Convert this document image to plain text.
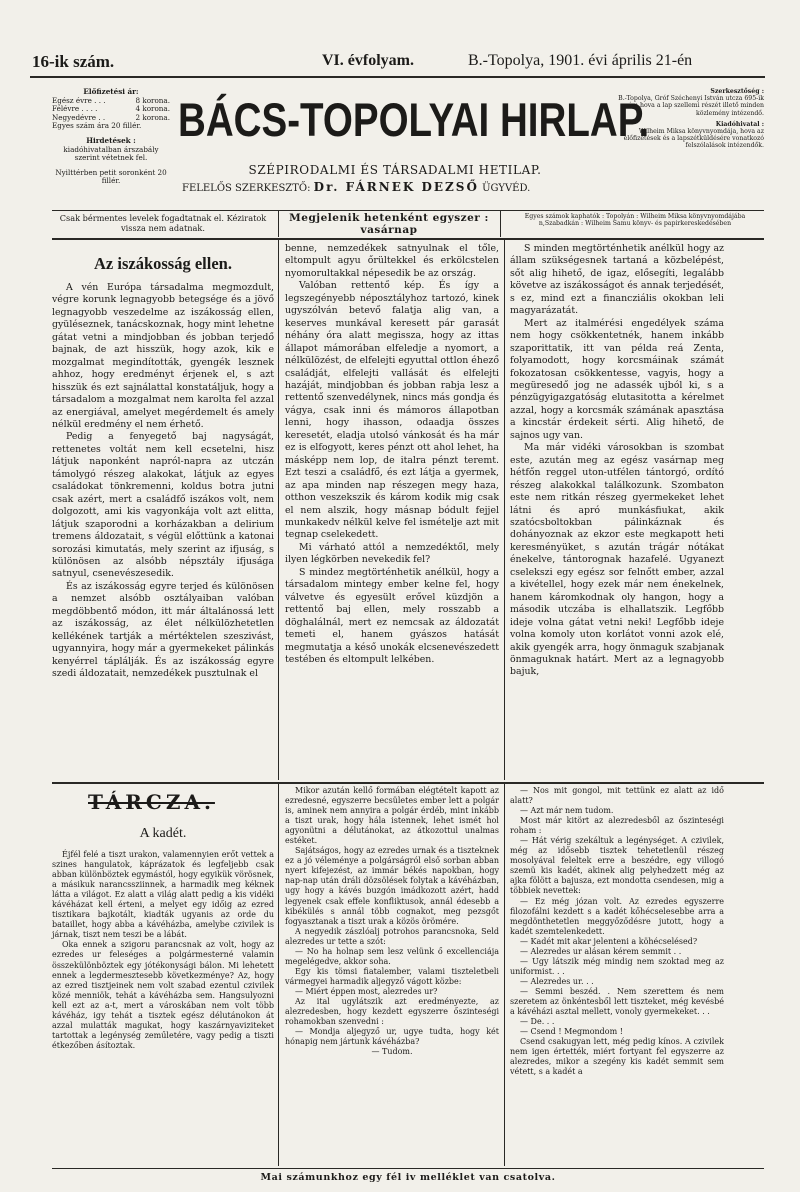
16-ik szám.	VI. évfolyam.	B.-Topolya, 1901. évi április 21-én
Előfizetési ár:
Egész évre . . .	8 korona.
Félévre . . . .	4 korona.
Negyedévre . .	2 korona.
Egyes szám ára 20 fillér.
Hirdetések :
kiadóhivatalban árszabály szerint vétetnek fel.
Nyilttérben petit soronként 20 fillér.
BÁCS-TOPOLYAI HIRLAP.
SZÉPIRODALMI ÉS TÁRSADALMI HETILAP.
FELELŐS SZERKESZTŐ: Dr. FÁRNEK DEZSŐ ÜGYVÉD.
Szerkesztőség :
B.-Topolya, Gróf Széchenyi István utcza 695-ik szám hova a lap szellemi részét illető minden közlemény intézendő.
Kiadóhivatal :
Wilheim Miksa könyvnyomdája, hova az előfizetések és a lapszétküldésére vonatkozó felszólalások intézendők.
Csak bérmentes levelek fogadtatnak el. Kéziratok vissza nem adatnak.
Megjelenik hetenként egyszer :
vasárnap
Egyes számok kaphatók : Topolyán : Wilheim Miksa könyvnyomdájába n,Szabadkán : Wilheim Samu könyv- és papirkereskedésében
Az iszákosság ellen.

A vén Európa társadalma megmozdult, végre korunk legnagyobb betegsége és a jövő legnagyobb veszedelme az iszákosság ellen, gyüléseznek, tanácskoznak, hogy mint lehetne gátat vetni a mindjobban és jobban terjedő bajnak, de azt hisszük, hogy azok, kik e mozgalmat megindították, gyengék lesznek ahhoz, hogy eredményt érjenek el, s azt hisszük és ezt sajnálattal konstatáljuk, hogy a társadalom a mozgalmat nem karolta fel azzal az energiával, amelyet megérdemelt és amely nélkül eredmény el nem érhető.

Pedig a fenyegető baj nagyságát, rettenetes voltát nem kell ecsetelni, hisz látjuk naponként napról-napra az utczán támolygó részeg alakokat, látjuk az egyes családokat tönkremenni, koldus botra jutni csak azért, mert a családfő iszákos volt, nem dolgozott, ami kis vagyonkája volt azt elitta, látjuk szaporodni a korházakban a delirium tremens áldozatait, s végül előttünk a katonai sorozási kimutatás, mely szerint az ifjuság, s különösen az alsóbb népsztály ifjusága satnyul, csenevészesedik.

És az iszákosság egyre terjed és különösen a nemzet alsóbb osztályaiban valóban megdöbbentő módon, itt már általánossá lett az iszákosság, az élet nélkülözhetetlen kellékének tartják a mértéktelen szeszivást, ugyannyira, hogy már a gyermekeket pálinkás kenyérrel táplálják. És az iszákosság egyre szedi áldozatait, nemzedékek pusztulnak el

benne, nemzedékek satnyulnak el tőle, eltompult agyu őrültekkel és erkölcstelen nyomorultakkal népesedik be az ország.

Valóban rettentő kép. És így a legszegényebb néposztályhoz tartozó, kinek ugyszólván betevő falatja alig van, a keserves munkával keresett pár garasát néhány óra alatt megissza, hogy az ittas állapot mámorában elfeledje a nyomort, a nélkülözést, de elfelejti egyuttal ottlon éhező családját, elfelejti vallását és elfelejti hazáját, mindjobban és jobban rabja lesz a rettentő szenvedélynek, nincs más gondja és vágya, csak inni és mámoros állapotban lenni, hogy ihasson, odaadja összes keresetét, eladja utolsó vánkosát és ha már ez is elfogyott, keres pénzt ott ahol lehet, ha másképp nem lop, de italra pénzt teremt. Ezt teszi a családfő, és ezt látja a gyermek, az apa minden nap részegen megy haza, otthon veszekszik és károm kodik mig csak el nem alszik, hogy másnap bódult fejjel munkakedv nélkül kelve fel ismételje azt mit tegnap cselekedett.

Mi várható attól a nemzedéktől, mely ilyen légkörben nevekedik fel?

S mindez megtörténhetik anélkül, hogy a társadalom mintegy ember kelne fel, hogy válvetve és egyesült erővel küzdjön a rettentő baj ellen, mely rosszabb a döghalálnál, mert ez nemcsak az áldozatát temeti el, hanem gyászos hatását megmutatja a késő unokák elcsenevészedett testében és eltompult lelkében.

S minden megtörténhetik anélkül hogy az állam szükségesnek tartaná a közbelépést, sőt alig hihető, de igaz, elősegíti, legalább követve az iszákosságot és annak terjedését, s ez, mind ezt a financziális okokban leli magyarázatát.

Mert az italmérési engedélyek száma nem hogy csökkentetnék, hanem inkább szaporittatik, itt van példa reá Zenta, folyamodott, hogy korcsmáinak számát fokozatosan csökkentesse, vagyis, hogy a megüresedő jog ne adassék ujból ki, s a pénzügyigazgatóság elutasitotta a kérelmet azzal, hogy a korcsmák számának apasztása a kincstár érdekeit sérti. Alig hihető, de sajnos ugy van.

Ma már vidéki városokban is szombat este, azután meg az egész vasárnap meg hétfőn reggel uton-utfélen tántorgó, ordító részeg alakokkal találkozunk. Szombaton este nem ritkán részeg gyermekeket lehet látni és apró munkásfiukat, akik szatócsboltokban pálinkáznak és dohányoznak az ekzor este megkapott heti keresményüket, s azután trágár nótákat énekelve, tántorognak hazafelé. Ugyanezt cselekszi egy egész sor felnőtt ember, azzal a kivétellel, hogy ezek már nem énekelnek, hanem káromkodnak oly hangon, hogy a második utczába is elhallatszik. Legfőbb ideje volna gátat vetni neki! Legfőbb ideje volna komoly uton korlátot vonni azok elé, akik gyengék arra, hogy önmaguk szabjanak önmaguknak határt. Mert az a legnagyobb bajuk,

TÁRCZA.
A kadét.

Éjfél felé a tiszt urakon, valamennyien erőt vettek a szines hangulatok, káprázatok és legfeljebb csak abban különböztek egymástól, hogy egyikük vörösnek, a másikuk narancssziinnek, a harmadik meg kéknek látta a világot. Ez alatt a világ alatt pedig a kis vidéki kávéházat kell érteni, a melyet egy időig az ezred tisztikara bajkotált, kiadták ugyanis az orde du bataillet, hogy abba a kávéházba, amelybe czivilek is járnak, tiszt nem teszi be a lábát.

Oka ennek a szigoru parancsnak az volt, hogy az ezredes ur feleséges a polgármesterné valamin összekülönböztek egy jótékonysági bálon. Mi lehetett ennek a legdermesztesebb következménye? Az, hogy az ezred tisztjeinek nem volt szabad ezentul czivilek közé menniök, tehát a kávéházba sem. Hangsulyozni kell ezt az a-t, mert a városkában nem volt több kávéház, igy tehát a tisztek egész délutánokon át azzal mulatták magukat, hogy kaszárnyaviziteket tartottak a legénység zeműletére, vagy pedig a tiszti étkezőben ásítoztak.

Mikor azután kellő formában elégtételt kapott az ezredesné, egyszerre becsületes ember lett a polgár is, aminek nem annyira a polgár érdéb, mint inkább a tiszt urak, hogy hála istennek, lehet ismét hol agyonütni a délutánokat, az átkozottul unalmas estéket.

Sajátságos, hogy az ezredes urnak és a tiszteknek ez a jó véleménye a polgárságról első sorban abban nyert kifejezést, az immár békés napokban, hogy nap-nap után dráli dözsölések folytak a kávéházban, ugy hogy a kávés buzgón imádkozott azért, hadd legyenek csak effele konfliktusok, annál édesebb a kibékülés s annál több cognakot, meg pezsgőt fogyasztanak a tiszt urak a közös örömére.

A negyedik zászlóalj potrohos parancsnoka, Seld alezredes ur tette a szót:

— No ha holnap sem lesz velünk ő excellenciája megelégedve, akkor soha.

Egy kis tömsi fiatalember, valami tiszteletbeli vármegyei harmadik aljegyző vágott közbe:

— Miért éppen most, alezredes ur?

Az ital ugylátszik azt eredményezte, az alezredesben, hogy kezdett egyszerre őszinteségi rohamokban szenvedni :

— Mondja aljegyző ur, ugye tudta, hogy két hónapig nem jártunk kávéházba?

— Tudom.

— Nos mit gongol, mit tettünk ez alatt az idő alatt?

— Azt már nem tudom.

Most már kitört az alezredesből az őszinteségi roham :

— Hát vérig szekáltuk a legénységet. A czivilek, még az idősebb tisztek tehetetlenül részeg mosolyával feleltek erre a beszédre, egy villogó szemü kis kadét, akinek alig pelyhedzett még az ajka fölött a bajusza, ezt mondotta csendesen, mig a többiek nevettek:

— Ez még józan volt. Az ezredes egyszerre filozofálni kezdett s a kadét kőhécselesebbe arra a megdönthetetlen meggyőződésre jutott, hogy a kadét szemtelenkedett.

— Kadét mit akar jelenteni a köhécselésed?

— Alezredes ur alásan kérem semmit . .

— Ugy látszik még mindig nem szoktad meg az uniformist. . .

— Alezredes ur. . .

— Semmi beszéd. . Nem szerettem és nem szeretem az önkéntesből lett tiszteket, még kevésbé a kávéházi asztal mellett, vonoly gyermekeket. . .

— De. . .

— Csend ! Megmondom !

Csend csakugyan lett, még pedig kínos. A czivilek nem igen értették, miért fortyant fel egyszerre az alezredes, mikor a szegény kis kadét semmit sem vétett, s a kadét a

Mai számunkhoz egy fél iv melléklet van csatolva.
